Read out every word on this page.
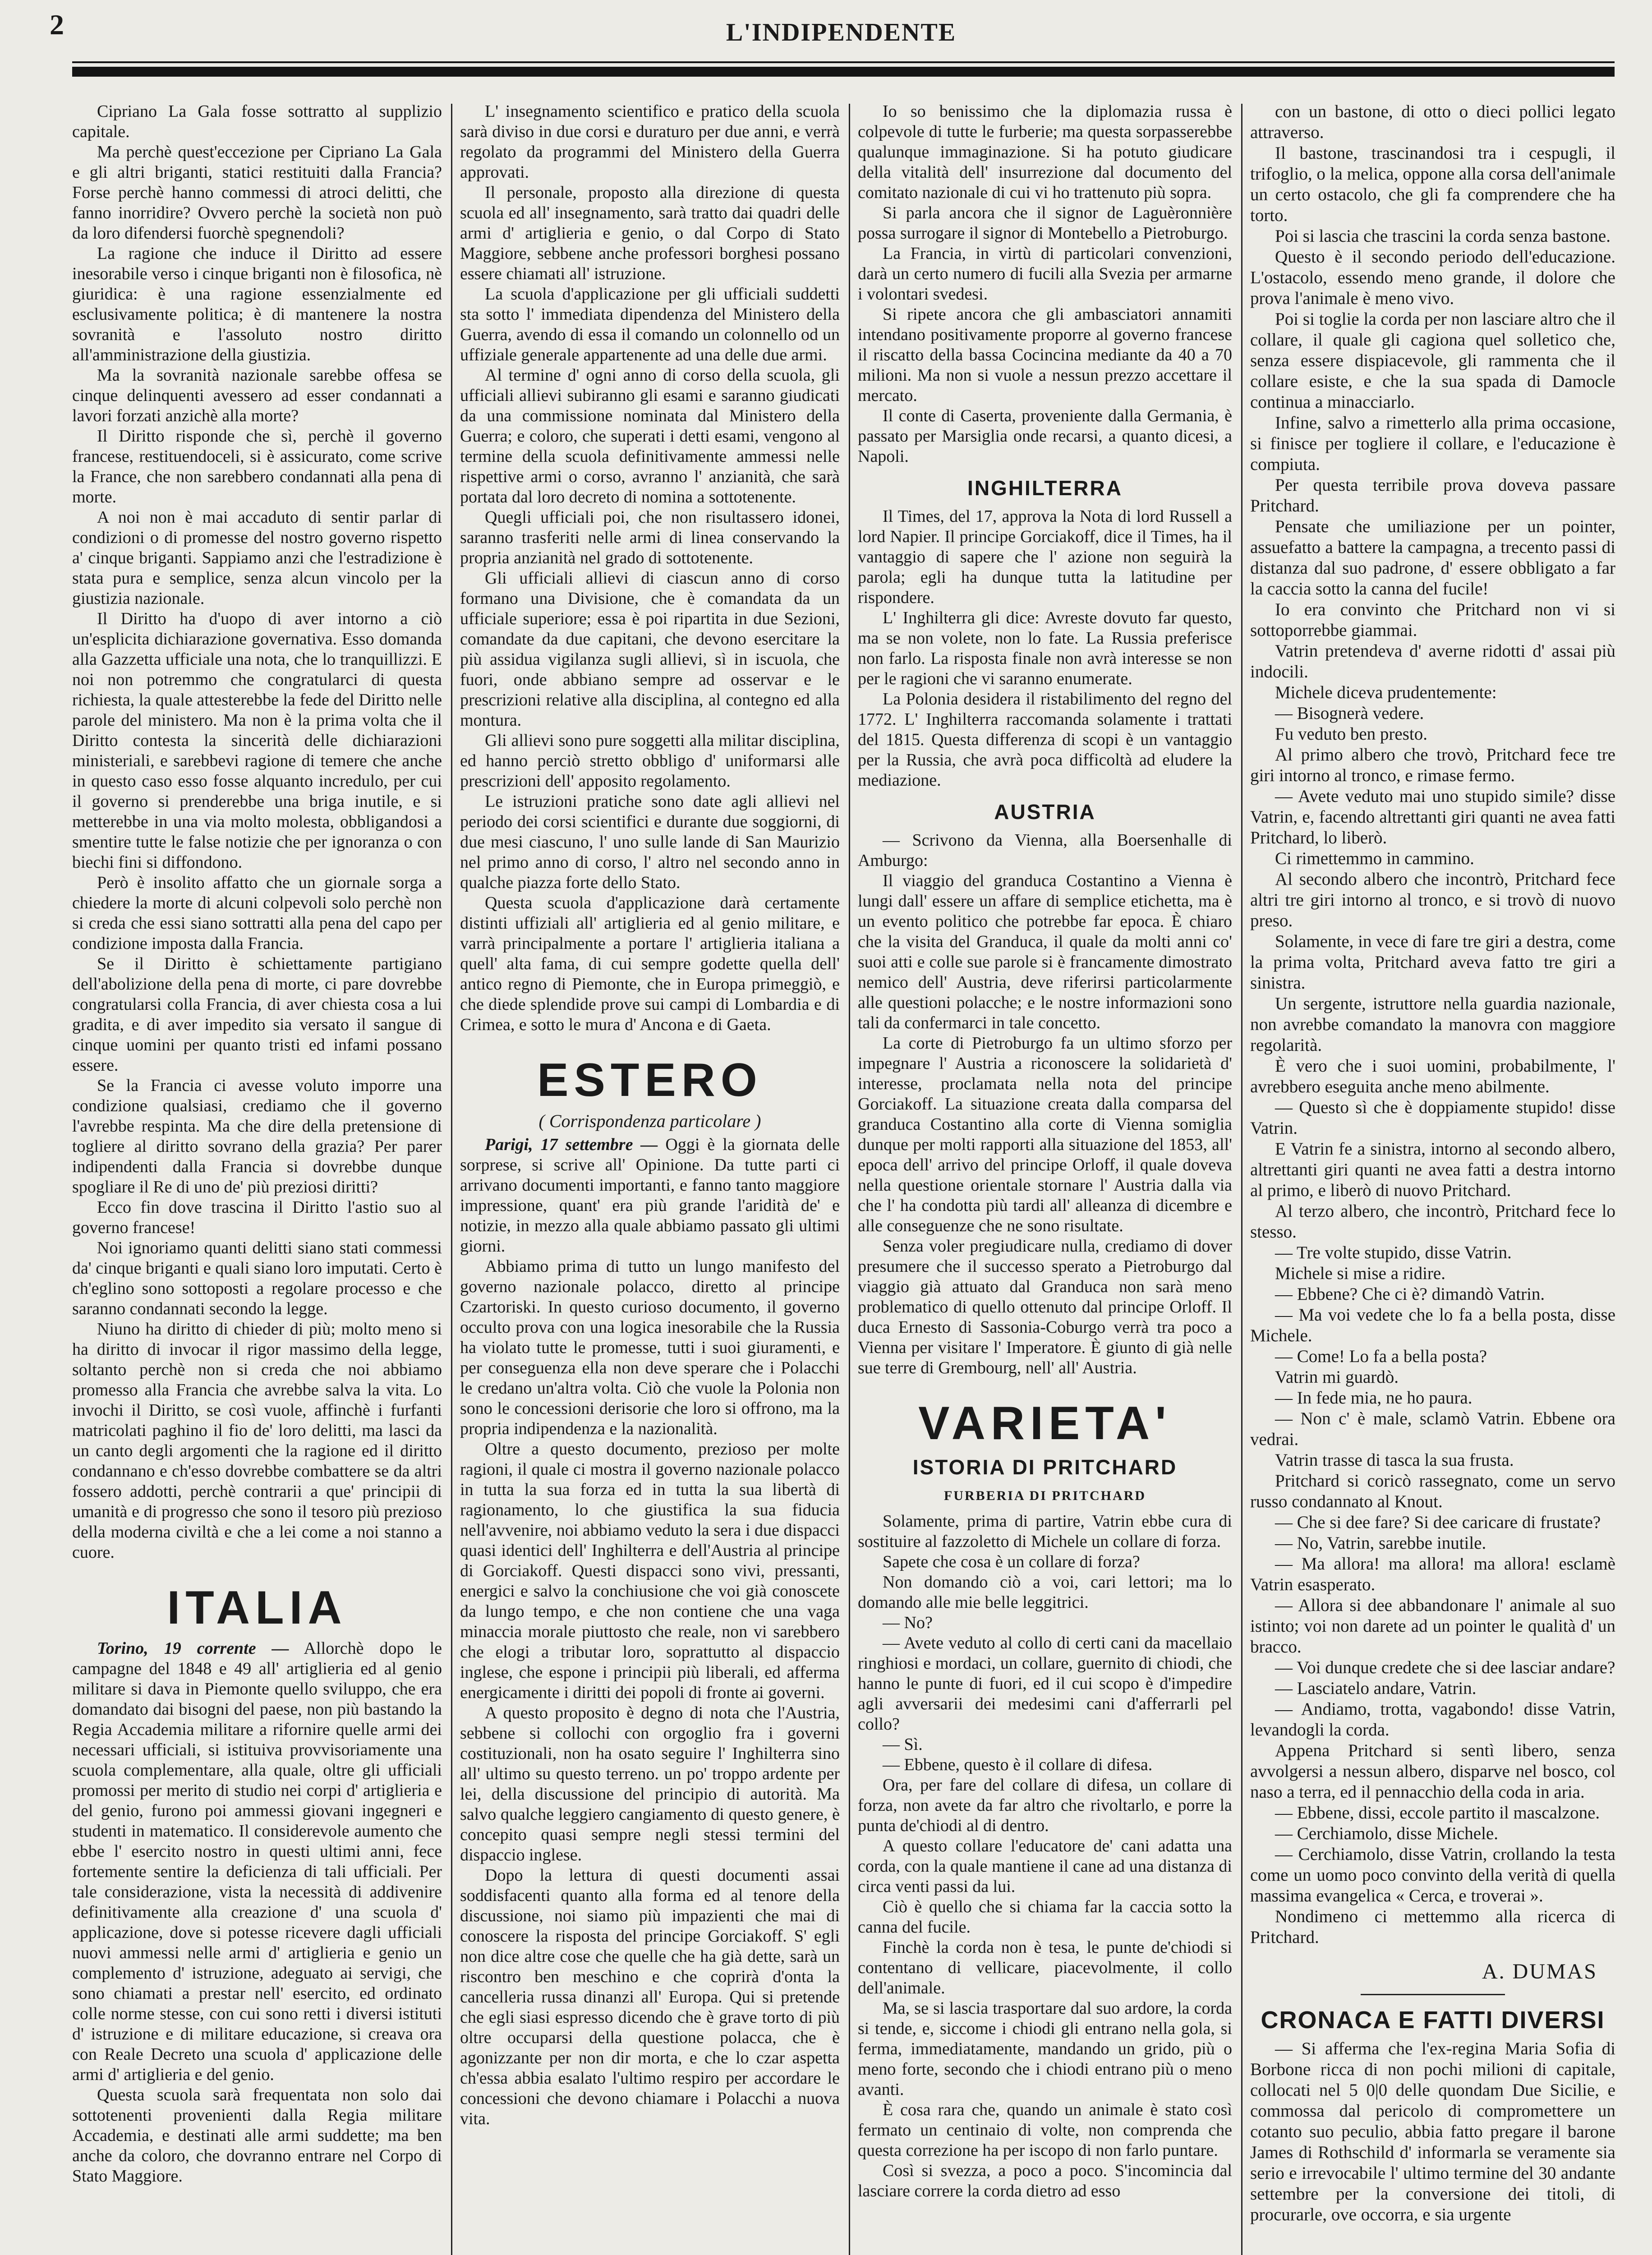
2	L'INDIPENDENTE

Cipriano La Gala fosse sottratto al supplizio capitale.

Ma perchè quest'eccezione per Cipriano La Gala e gli altri briganti, statici restituiti dalla Francia? Forse perchè hanno commessi di atroci delitti, che fanno inorridire? Ovvero perchè la società non può da loro difendersi fuorchè spegnendoli?

La ragione che induce il Diritto ad essere inesorabile verso i cinque briganti non è filosofica, nè giuridica: è una ragione essenzialmente ed esclusivamente politica; è di mantenere la nostra sovranità e l'assoluto nostro diritto all'amministrazione della giustizia.

Ma la sovranità nazionale sarebbe offesa se cinque delinquenti avessero ad esser condannati a lavori forzati anzichè alla morte?

Il Diritto risponde che sì, perchè il governo francese, restituendoceli, si è assicurato, come scrive la France, che non sarebbero condannati alla pena di morte.

A noi non è mai accaduto di sentir parlar di condizioni o di promesse del nostro governo rispetto a' cinque briganti. Sappiamo anzi che l'estradizione è stata pura e semplice, senza alcun vincolo per la giustizia nazionale.

Il Diritto ha d'uopo di aver intorno a ciò un'esplicita dichiarazione governativa. Esso domanda alla Gazzetta ufficiale una nota, che lo tranquillizzi. E noi non potremmo che congratularci di questa richiesta, la quale attesterebbe la fede del Diritto nelle parole del ministero. Ma non è la prima volta che il Diritto contesta la sincerità delle dichiarazioni ministeriali, e sarebbevi ragione di temere che anche in questo caso esso fosse alquanto incredulo, per cui il governo si prenderebbe una briga inutile, e si metterebbe in una via molto molesta, obbligandosi a smentire tutte le false notizie che per ignoranza o con biechi fini si diffondono.

Però è insolito affatto che un giornale sorga a chiedere la morte di alcuni colpevoli solo perchè non si creda che essi siano sottratti alla pena del capo per condizione imposta dalla Francia.

Se il Diritto è schiettamente partigiano dell'abolizione della pena di morte, ci pare dovrebbe congratularsi colla Francia, di aver chiesta cosa a lui gradita, e di aver impedito sia versato il sangue di cinque uomini per quanto tristi ed infami possano essere.

Se la Francia ci avesse voluto imporre una condizione qualsiasi, crediamo che il governo l'avrebbe respinta. Ma che dire della pretensione di togliere al diritto sovrano della grazia? Per parer indipendenti dalla Francia si dovrebbe dunque spogliare il Re di uno de' più preziosi diritti?

Ecco fin dove trascina il Diritto l'astio suo al governo francese!

Noi ignoriamo quanti delitti siano stati commessi da' cinque briganti e quali siano loro imputati. Certo è ch'eglino sono sottoposti a regolare processo e che saranno condannati secondo la legge.

Niuno ha diritto di chieder di più; molto meno si ha diritto di invocar il rigor massimo della legge, soltanto perchè non si creda che noi abbiamo promesso alla Francia che avrebbe salva la vita. Lo invochi il Diritto, se così vuole, affinchè i furfanti matricolati paghino il fio de' loro delitti, ma lasci da un canto degli argomenti che la ragione ed il diritto condannano e ch'esso dovrebbe combattere se da altri fossero addotti, perchè contrarii a que' principii di umanità e di progresso che sono il tesoro più prezioso della moderna civiltà e che a lei come a noi stanno a cuore.

ITALIA

Torino, 19 corrente — Allorchè dopo le campagne del 1848 e 49 all' artiglieria ed al genio militare si dava in Piemonte quello sviluppo, che era domandato dai bisogni del paese, non più bastando la Regia Accademia militare a rifornire quelle armi dei necessari ufficiali, si istituiva provvisoriamente una scuola complementare, alla quale, oltre gli ufficiali promossi per merito di studio nei corpi d' artiglieria e del genio, furono poi ammessi giovani ingegneri e studenti in matematico. Il considerevole aumento che ebbe l' esercito nostro in questi ultimi anni, fece fortemente sentire la deficienza di tali ufficiali. Per tale considerazione, vista la necessità di addivenire definitivamente alla creazione d' una scuola d' applicazione, dove si potesse ricevere dagli ufficiali nuovi ammessi nelle armi d' artiglieria e genio un complemento d' istruzione, adeguato ai servigi, che sono chiamati a prestar nell' esercito, ed ordinato colle norme stesse, con cui sono retti i diversi istituti d' istruzione e di militare educazione, si creava ora con Reale Decreto una scuola d' applicazione delle armi d' artiglieria e del genio.

Questa scuola sarà frequentata non solo dai sottotenenti provenienti dalla Regia militare Accademia, e destinati alle armi suddette; ma ben anche da coloro, che dovranno entrare nel Corpo di Stato Maggiore.

L' insegnamento scientifico e pratico della scuola sarà diviso in due corsi e duraturo per due anni, e verrà regolato da programmi del Ministero della Guerra approvati.

Il personale, proposto alla direzione di questa scuola ed all' insegnamento, sarà tratto dai quadri delle armi d' artiglieria e genio, o dal Corpo di Stato Maggiore, sebbene anche professori borghesi possano essere chiamati all' istruzione.

La scuola d'applicazione per gli ufficiali suddetti sta sotto l' immediata dipendenza del Ministero della Guerra, avendo di essa il comando un colonnello od un uffiziale generale appartenente ad una delle due armi.

Al termine d' ogni anno di corso della scuola, gli ufficiali allievi subiranno gli esami e saranno giudicati da una commissione nominata dal Ministero della Guerra; e coloro, che superati i detti esami, vengono al termine della scuola definitivamente ammessi nelle rispettive armi o corso, avranno l' anzianità, che sarà portata dal loro decreto di nomina a sottotenente.

Quegli ufficiali poi, che non risultassero idonei, saranno trasferiti nelle armi di linea conservando la propria anzianità nel grado di sottotenente.

Gli ufficiali allievi di ciascun anno di corso formano una Divisione, che è comandata da un ufficiale superiore; essa è poi ripartita in due Sezioni, comandate da due capitani, che devono esercitare la più assidua vigilanza sugli allievi, sì in iscuola, che fuori, onde abbiano sempre ad osservar e le prescrizioni relative alla disciplina, al contegno ed alla montura.

Gli allievi sono pure soggetti alla militar disciplina, ed hanno perciò stretto obbligo d' uniformarsi alle prescrizioni dell' apposito regolamento.

Le istruzioni pratiche sono date agli allievi nel periodo dei corsi scientifici e durante due soggiorni, di due mesi ciascuno, l' uno sulle lande di San Maurizio nel primo anno di corso, l' altro nel secondo anno in qualche piazza forte dello Stato.

Questa scuola d'applicazione darà certamente distinti uffiziali all' artiglieria ed al genio militare, e varrà principalmente a portare l' artiglieria italiana a quell' alta fama, di cui sempre godette quella dell' antico regno di Piemonte, che in Europa primeggiò, e che diede splendide prove sui campi di Lombardia e di Crimea, e sotto le mura d' Ancona e di Gaeta.

ESTERO
( Corrispondenza particolare )

Parigi, 17 settembre — Oggi è la giornata delle sorprese, si scrive all' Opinione. Da tutte parti ci arrivano documenti importanti, e fanno tanto maggiore impressione, quant' era più grande l'aridità de' e notizie, in mezzo alla quale abbiamo passato gli ultimi giorni.

Abbiamo prima di tutto un lungo manifesto del governo nazionale polacco, diretto al principe Czartoriski. In questo curioso documento, il governo occulto prova con una logica inesorabile che la Russia ha violato tutte le promesse, tutti i suoi giuramenti, e per conseguenza ella non deve sperare che i Polacchi le credano un'altra volta. Ciò che vuole la Polonia non sono le concessioni derisorie che loro si offrono, ma la propria indipendenza e la nazionalità.

Oltre a questo documento, prezioso per molte ragioni, il quale ci mostra il governo nazionale polacco in tutta la sua forza ed in tutta la sua libertà di ragionamento, lo che giustifica la sua fiducia nell'avvenire, noi abbiamo veduto la sera i due dispacci quasi identici dell' Inghilterra e dell'Austria al principe di Gorciakoff. Questi dispacci sono vivi, pressanti, energici e salvo la conchiusione che voi già conoscete da lungo tempo, e che non contiene che una vaga minaccia morale piuttosto che reale, non vi sarebbero che elogi a tributar loro, soprattutto al dispaccio inglese, che espone i principii più liberali, ed afferma energicamente i diritti dei popoli di fronte ai governi.

A questo proposito è degno di nota che l'Austria, sebbene si collochi con orgoglio fra i governi costituzionali, non ha osato seguire l' Inghilterra sino all' ultimo su questo terreno. un po' troppo ardente per lei, della discussione del principio di autorità. Ma salvo qualche leggiero cangiamento di questo genere, è concepito quasi sempre negli stessi termini del dispaccio inglese.

Dopo la lettura di questi documenti assai soddisfacenti quanto alla forma ed al tenore della discussione, noi siamo più impazienti che mai di conoscere la risposta del principe Gorciakoff. S' egli non dice altre cose che quelle che ha già dette, sarà un riscontro ben meschino e che coprirà d'onta la cancelleria russa dinanzi all' Europa. Qui si pretende che egli siasi espresso dicendo che è grave torto di più oltre occuparsi della questione polacca, che è agonizzante per non dir morta, e che lo czar aspetta ch'essa abbia esalato l'ultimo respiro per accordare le concessioni che devono chiamare i Polacchi a nuova vita.

Io so benissimo che la diplomazia russa è colpevole di tutte le furberie; ma questa sorpasserebbe qualunque immaginazione. Si ha potuto giudicare della vitalità dell' insurrezione dal documento del comitato nazionale di cui vi ho trattenuto più sopra.

Si parla ancora che il signor de Laguèronnière possa surrogare il signor di Montebello a Pietroburgo.

La Francia, in virtù di particolari convenzioni, darà un certo numero di fucili alla Svezia per armarne i volontari svedesi.

Si ripete ancora che gli ambasciatori annamiti intendano positivamente proporre al governo francese il riscatto della bassa Cocincina mediante da 40 a 70 milioni. Ma non si vuole a nessun prezzo accettare il mercato.

Il conte di Caserta, proveniente dalla Germania, è passato per Marsiglia onde recarsi, a quanto dicesi, a Napoli.

INGHILTERRA

Il Times, del 17, approva la Nota di lord Russell a lord Napier. Il principe Gorciakoff, dice il Times, ha il vantaggio di sapere che l' azione non seguirà la parola; egli ha dunque tutta la latitudine per rispondere.

L' Inghilterra gli dice: Avreste dovuto far questo, ma se non volete, non lo fate. La Russia preferisce non farlo. La risposta finale non avrà interesse se non per le ragioni che vi saranno enumerate.

La Polonia desidera il ristabilimento del regno del 1772. L' Inghilterra raccomanda solamente i trattati del 1815. Questa differenza di scopi è un vantaggio per la Russia, che avrà poca difficoltà ad eludere la mediazione.

AUSTRIA

— Scrivono da Vienna, alla Boersenhalle di Amburgo:

Il viaggio del granduca Costantino a Vienna è lungi dall' essere un affare di semplice etichetta, ma è un evento politico che potrebbe far epoca. È chiaro che la visita del Granduca, il quale da molti anni co' suoi atti e colle sue parole si è francamente dimostrato nemico dell' Austria, deve riferirsi particolarmente alle questioni polacche; e le nostre informazioni sono tali da confermarci in tale concetto.

La corte di Pietroburgo fa un ultimo sforzo per impegnare l' Austria a riconoscere la solidarietà d' interesse, proclamata nella nota del principe Gorciakoff. La situazione creata dalla comparsa del granduca Costantino alla corte di Vienna somiglia dunque per molti rapporti alla situazione del 1853, all' epoca dell' arrivo del principe Orloff, il quale doveva nella questione orientale stornare l' Austria dalla via che l' ha condotta più tardi all' alleanza di dicembre e alle conseguenze che ne sono risultate.

Senza voler pregiudicare nulla, crediamo di dover presumere che il successo sperato a Pietroburgo dal viaggio già attuato dal Granduca non sarà meno problematico di quello ottenuto dal principe Orloff. Il duca Ernesto di Sassonia-Coburgo verrà tra poco a Vienna per visitare l' Imperatore. È giunto di già nelle sue terre di Grembourg, nell' all' Austria.

VARIETA'
ISTORIA DI PRITCHARD
FURBERIA DI PRITCHARD

Solamente, prima di partire, Vatrin ebbe cura di sostituire al fazzoletto di Michele un collare di forza.

Sapete che cosa è un collare di forza?

Non domando ciò a voi, cari lettori; ma lo domando alle mie belle leggitrici.

— No?

— Avete veduto al collo di certi cani da macellaio ringhiosi e mordaci, un collare, guernito di chiodi, che hanno le punte di fuori, ed il cui scopo è d'impedire agli avversarii dei medesimi cani d'afferrarli pel collo?

— Sì.

— Ebbene, questo è il collare di difesa.

Ora, per fare del collare di difesa, un collare di forza, non avete da far altro che rivoltarlo, e porre la punta de'chiodi al di dentro.

A questo collare l'educatore de' cani adatta una corda, con la quale mantiene il cane ad una distanza di circa venti passi da lui.

Ciò è quello che si chiama far la caccia sotto la canna del fucile.

Finchè la corda non è tesa, le punte de'chiodi si contentano di vellicare, piacevolmente, il collo dell'animale.

Ma, se si lascia trasportare dal suo ardore, la corda si tende, e, siccome i chiodi gli entrano nella gola, si ferma, immediatamente, mandando un grido, più o meno forte, secondo che i chiodi entrano più o meno avanti.

È cosa rara che, quando un animale è stato così fermato un centinaio di volte, non comprenda che questa correzione ha per iscopo di non farlo puntare.

Così si svezza, a poco a poco. S'incomincia dal lasciare correre la corda dietro ad esso

con un bastone, di otto o dieci pollici legato attraverso.

Il bastone, trascinandosi tra i cespugli, il trifoglio, o la melica, oppone alla corsa dell'animale un certo ostacolo, che gli fa comprendere che ha torto.

Poi si lascia che trascini la corda senza bastone.

Questo è il secondo periodo dell'educazione. L'ostacolo, essendo meno grande, il dolore che prova l'animale è meno vivo.

Poi si toglie la corda per non lasciare altro che il collare, il quale gli cagiona quel solletico che, senza essere dispiacevole, gli rammenta che il collare esiste, e che la sua spada di Damocle continua a minacciarlo.

Infine, salvo a rimetterlo alla prima occasione, si finisce per togliere il collare, e l'educazione è compiuta.

Per questa terribile prova doveva passare Pritchard.

Pensate che umiliazione per un pointer, assuefatto a battere la campagna, a trecento passi di distanza dal suo padrone, d' essere obbligato a far la caccia sotto la canna del fucile!

Io era convinto che Pritchard non vi si sottoporrebbe giammai.

Vatrin pretendeva d' averne ridotti d' assai più indocili.

Michele diceva prudentemente:

— Bisognerà vedere.

Fu veduto ben presto.

Al primo albero che trovò, Pritchard fece tre giri intorno al tronco, e rimase fermo.

— Avete veduto mai uno stupido simile? disse Vatrin, e, facendo altrettanti giri quanti ne avea fatti Pritchard, lo liberò.

Ci rimettemmo in cammino.

Al secondo albero che incontrò, Pritchard fece altri tre giri intorno al tronco, e si trovò di nuovo preso.

Solamente, in vece di fare tre giri a destra, come la prima volta, Pritchard aveva fatto tre giri a sinistra.

Un sergente, istruttore nella guardia nazionale, non avrebbe comandato la manovra con maggiore regolarità.

È vero che i suoi uomini, probabilmente, l' avrebbero eseguita anche meno abilmente.

— Questo sì che è doppiamente stupido! disse Vatrin.

E Vatrin fe a sinistra, intorno al secondo albero, altrettanti giri quanti ne avea fatti a destra intorno al primo, e liberò di nuovo Pritchard.

Al terzo albero, che incontrò, Pritchard fece lo stesso.

— Tre volte stupido, disse Vatrin.

Michele si mise a ridire.

— Ebbene? Che ci è? dimandò Vatrin.

— Ma voi vedete che lo fa a bella posta, disse Michele.

— Come! Lo fa a bella posta?

Vatrin mi guardò.

— In fede mia, ne ho paura.

— Non c' è male, sclamò Vatrin. Ebbene ora vedrai.

Vatrin trasse di tasca la sua frusta.

Pritchard si coricò rassegnato, come un servo russo condannato al Knout.

— Che si dee fare? Si dee caricare di frustate?

— No, Vatrin, sarebbe inutile.

— Ma allora! ma allora! ma allora! esclamè Vatrin esasperato.

— Allora si dee abbandonare l' animale al suo istinto; voi non darete ad un pointer le qualità d' un bracco.

— Voi dunque credete che si dee lasciar andare?

— Lasciatelo andare, Vatrin.

— Andiamo, trotta, vagabondo! disse Vatrin, levandogli la corda.

Appena Pritchard si sentì libero, senza avvolgersi a nessun albero, disparve nel bosco, col naso a terra, ed il pennacchio della coda in aria.

— Ebbene, dissi, eccole partito il mascalzone.

— Cerchiamolo, disse Michele.

— Cerchiamolo, disse Vatrin, crollando la testa come un uomo poco convinto della verità di quella massima evangelica « Cerca, e troverai ».

Nondimeno ci mettemmo alla ricerca di Pritchard.

A. DUMAS
CRONACA E FATTI DIVERSI

— Si afferma che l'ex-regina Maria Sofia di Borbone ricca di non pochi milioni di capitale, collocati nel 5 0|0 delle quondam Due Sicilie, e commossa dal pericolo di compromettere un cotanto suo peculio, abbia fatto pregare il barone James di Rothschild d' informarla se veramente sia serio e irrevocabile l' ultimo termine del 30 andante settembre per la conversione dei titoli, di procurarle, ove occorra, e sia urgente
